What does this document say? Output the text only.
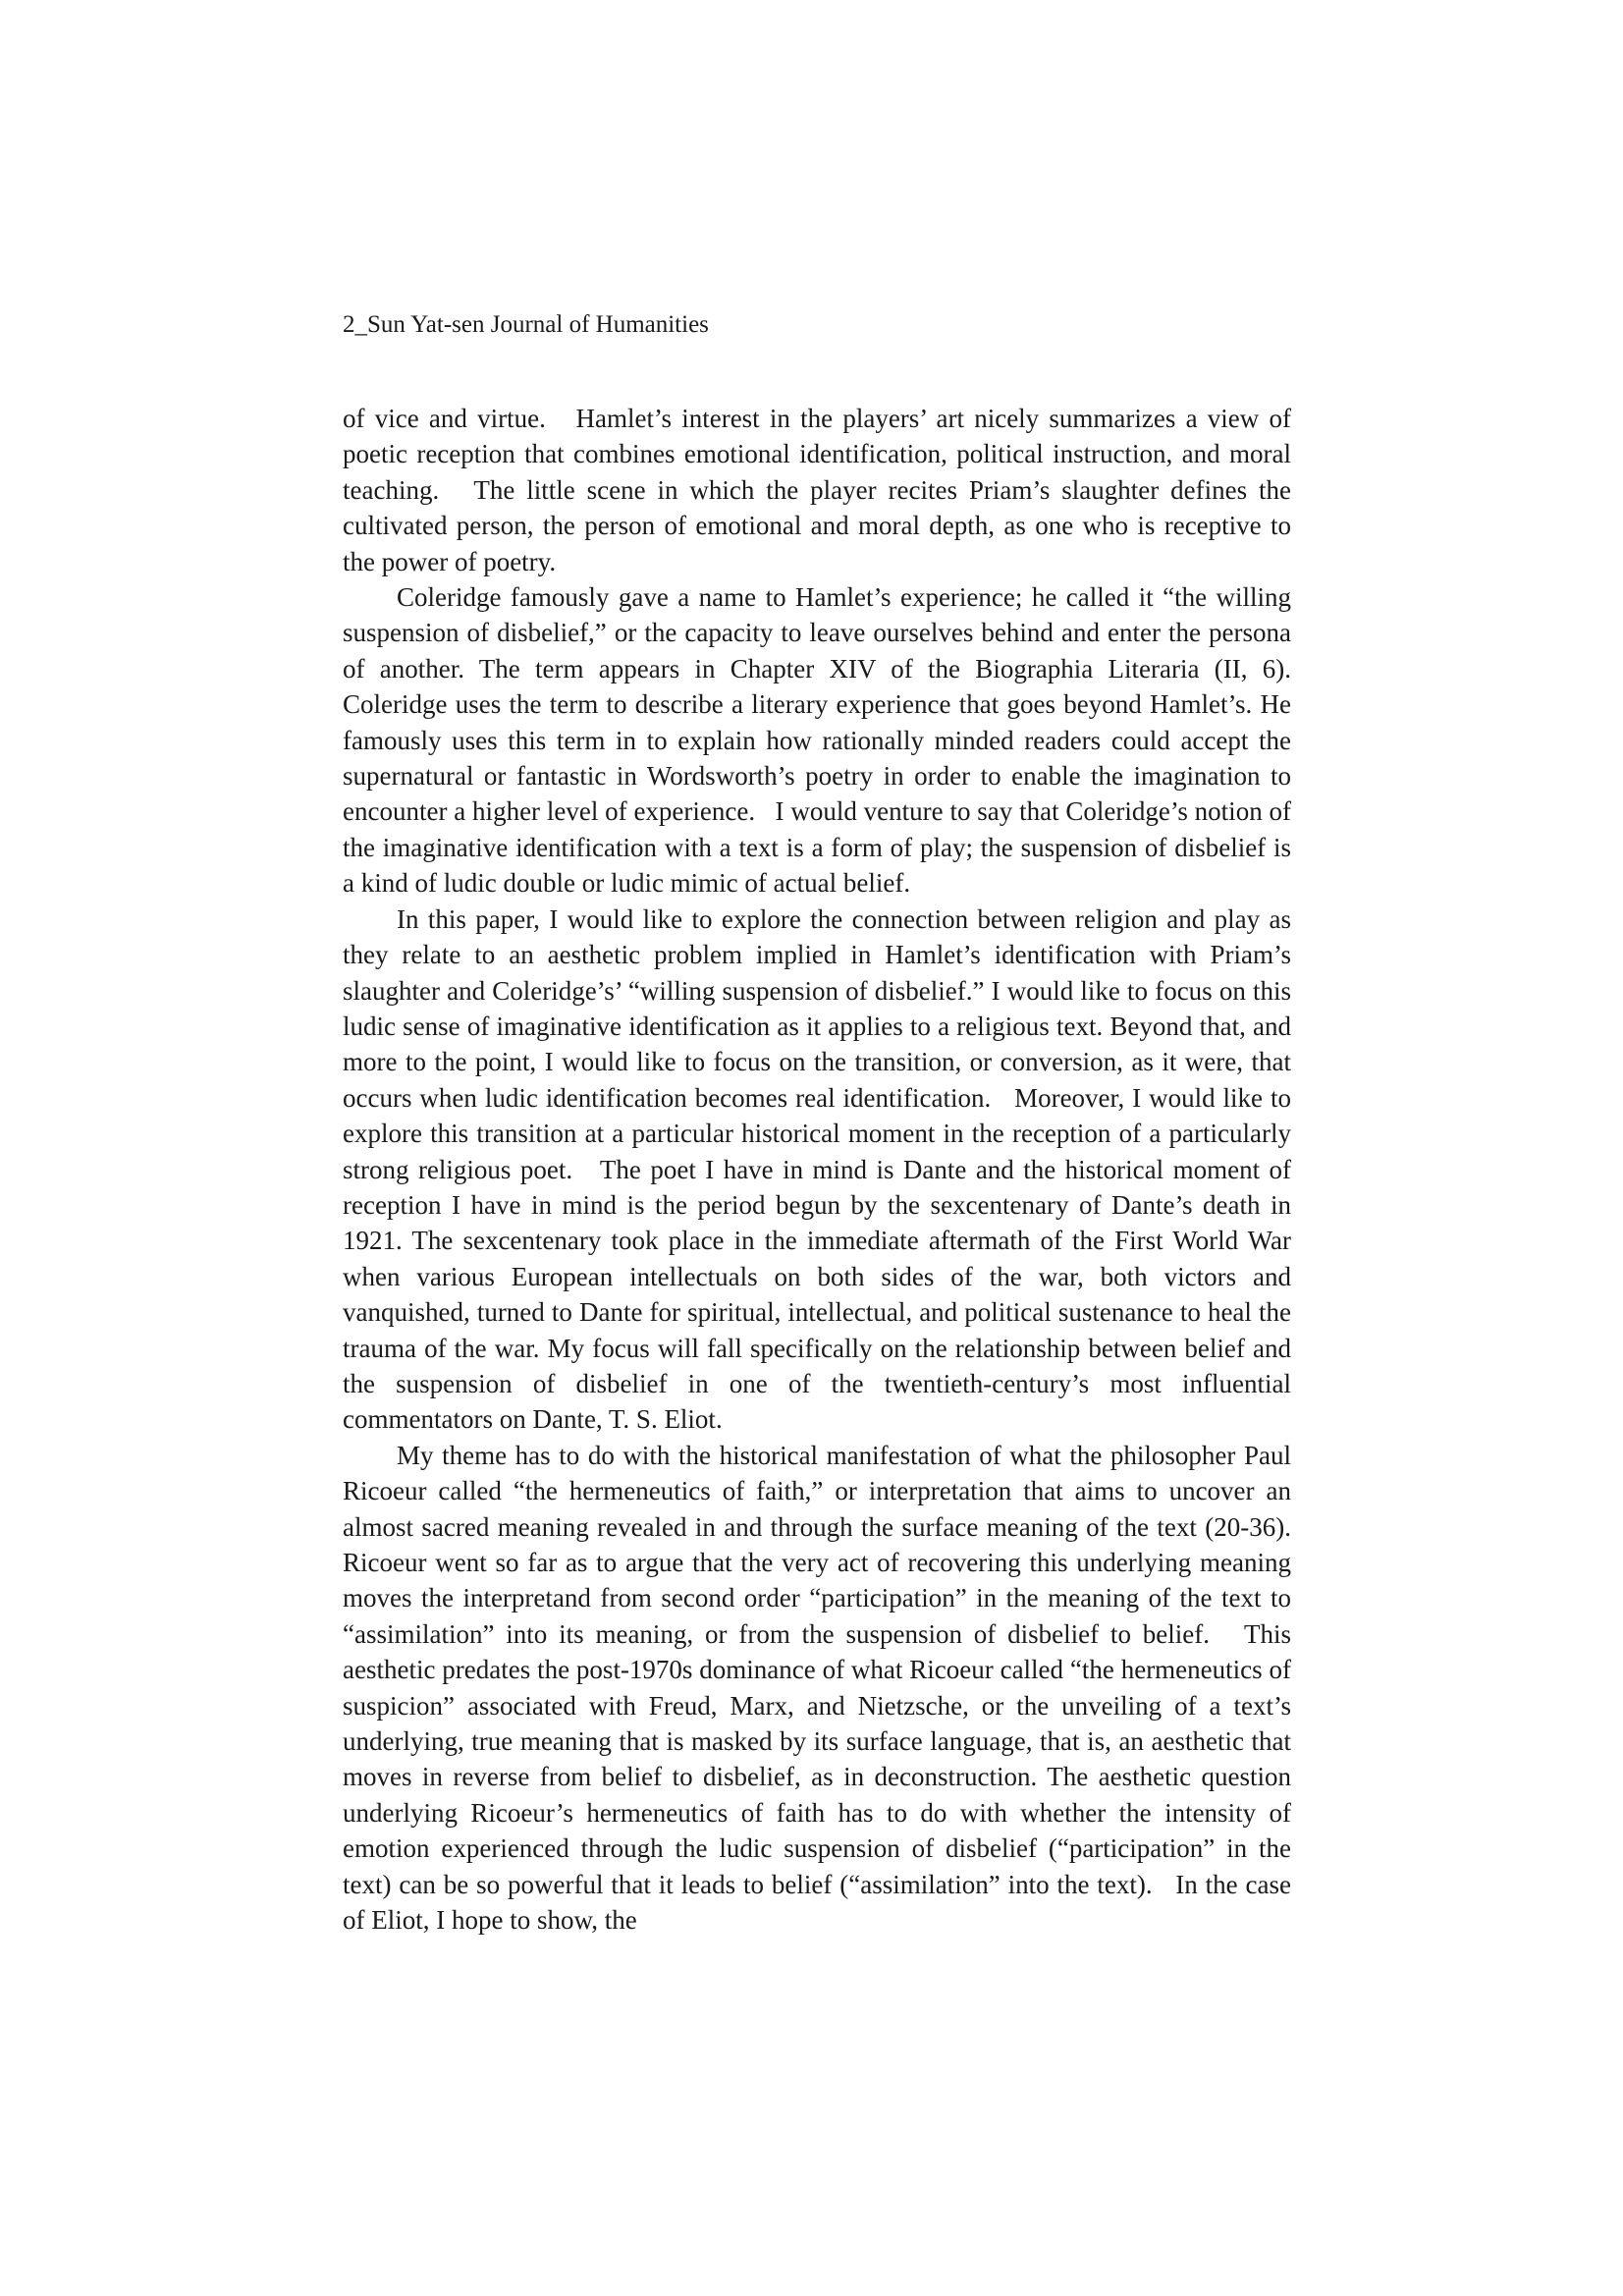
2_Sun Yat-sen Journal of Humanities

of vice and virtue.   Hamlet’s interest in the players’ art nicely summarizes a view of poetic reception that combines emotional identification, political instruction, and moral teaching.   The little scene in which the player recites Priam’s slaughter defines the cultivated person, the person of emotional and moral depth, as one who is receptive to the power of poetry.

Coleridge famously gave a name to Hamlet’s experience; he called it “the willing suspension of disbelief,” or the capacity to leave ourselves behind and enter the persona of another. The term appears in Chapter XIV of the Biographia Literaria (II, 6). Coleridge uses the term to describe a literary experience that goes beyond Hamlet’s. He famously uses this term in to explain how rationally minded readers could accept the supernatural or fantastic in Wordsworth’s poetry in order to enable the imagination to encounter a higher level of experience.   I would venture to say that Coleridge’s notion of the imaginative identification with a text is a form of play; the suspension of disbelief is a kind of ludic double or ludic mimic of actual belief.

In this paper, I would like to explore the connection between religion and play as they relate to an aesthetic problem implied in Hamlet’s identification with Priam’s slaughter and Coleridge’s’ “willing suspension of disbelief.” I would like to focus on this ludic sense of imaginative identification as it applies to a religious text. Beyond that, and more to the point, I would like to focus on the transition, or conversion, as it were, that occurs when ludic identification becomes real identification.   Moreover, I would like to explore this transition at a particular historical moment in the reception of a particularly strong religious poet.   The poet I have in mind is Dante and the historical moment of reception I have in mind is the period begun by the sexcentenary of Dante’s death in 1921. The sexcentenary took place in the immediate aftermath of the First World War when various European intellectuals on both sides of the war, both victors and vanquished, turned to Dante for spiritual, intellectual, and political sustenance to heal the trauma of the war. My focus will fall specifically on the relationship between belief and the suspension of disbelief in one of the twentieth-century’s most influential commentators on Dante, T. S. Eliot.

My theme has to do with the historical manifestation of what the philosopher Paul Ricoeur called “the hermeneutics of faith,” or interpretation that aims to uncover an almost sacred meaning revealed in and through the surface meaning of the text (20-36).   Ricoeur went so far as to argue that the very act of recovering this underlying meaning moves the interpretand from second order “participation” in the meaning of the text to “assimilation” into its meaning, or from the suspension of disbelief to belief.   This aesthetic predates the post-1970s dominance of what Ricoeur called “the hermeneutics of suspicion” associated with Freud, Marx, and Nietzsche, or the unveiling of a text’s underlying, true meaning that is masked by its surface language, that is, an aesthetic that moves in reverse from belief to disbelief, as in deconstruction. The aesthetic question underlying Ricoeur’s hermeneutics of faith has to do with whether the intensity of emotion experienced through the ludic suspension of disbelief (“participation” in the text) can be so powerful that it leads to belief (“assimilation” into the text).   In the case of Eliot, I hope to show, the
